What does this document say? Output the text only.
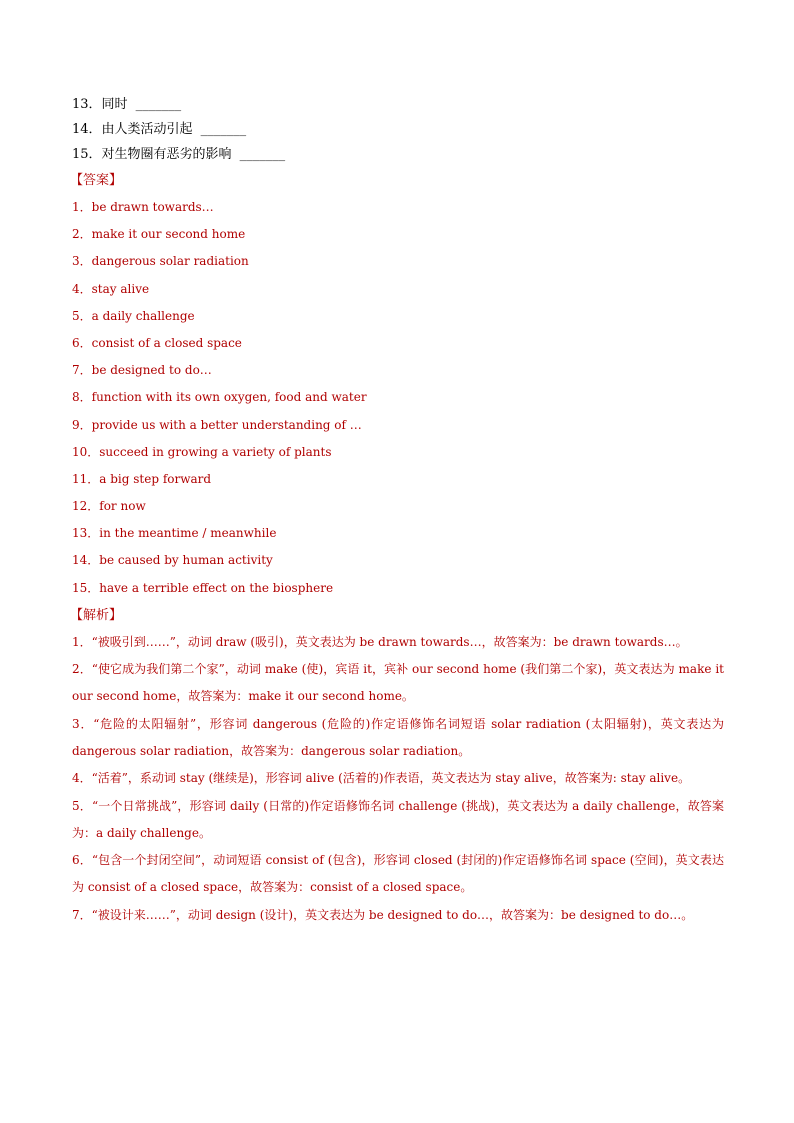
13．同时 _______
14．由人类活动引起 _______
15．对生物圈有恶劣的影响 _______
【答案】
1．be drawn towards…
2．make it our second home
3．dangerous solar radiation
4．stay alive
5．a daily challenge
6．consist of a closed space
7．be designed to do…
8．function with its own oxygen, food and water
9．provide us with a better understanding of …
10．succeed in growing a variety of plants
11．a big step forward
12．for now
13．in the meantime / meanwhile
14．be caused by human activity
15．have a terrible effect on the biosphere
【解析】

1．“被吸引到……”，动词 draw (吸引)，英文表达为 be drawn towards…，故答案为：be drawn towards…。

2．“使它成为我们第二个家”，动词 make (使)，宾语 it，宾补 our second home (我们第二个家)，英文表达为 make it our second home，故答案为：make it our second home。

3．“危险的太阳辐射”，形容词 dangerous (危险的)作定语修饰名词短语 solar radiation (太阳辐射)，英文表达为 dangerous solar radiation，故答案为：dangerous solar radiation。

4．“活着”，系动词 stay (继续是)，形容词 alive (活着的)作表语，英文表达为 stay alive，故答案为: stay alive。

5．“一个日常挑战”，形容词 daily (日常的)作定语修饰名词 challenge (挑战)，英文表达为 a daily challenge，故答案为：a daily challenge。

6．“包含一个封闭空间”，动词短语 consist of (包含)，形容词 closed (封闭的)作定语修饰名词 space (空间)，英文表达为 consist of a closed space，故答案为：consist of a closed space。

7．“被设计来……”，动词 design (设计)，英文表达为 be designed to do…，故答案为：be designed to do…。
